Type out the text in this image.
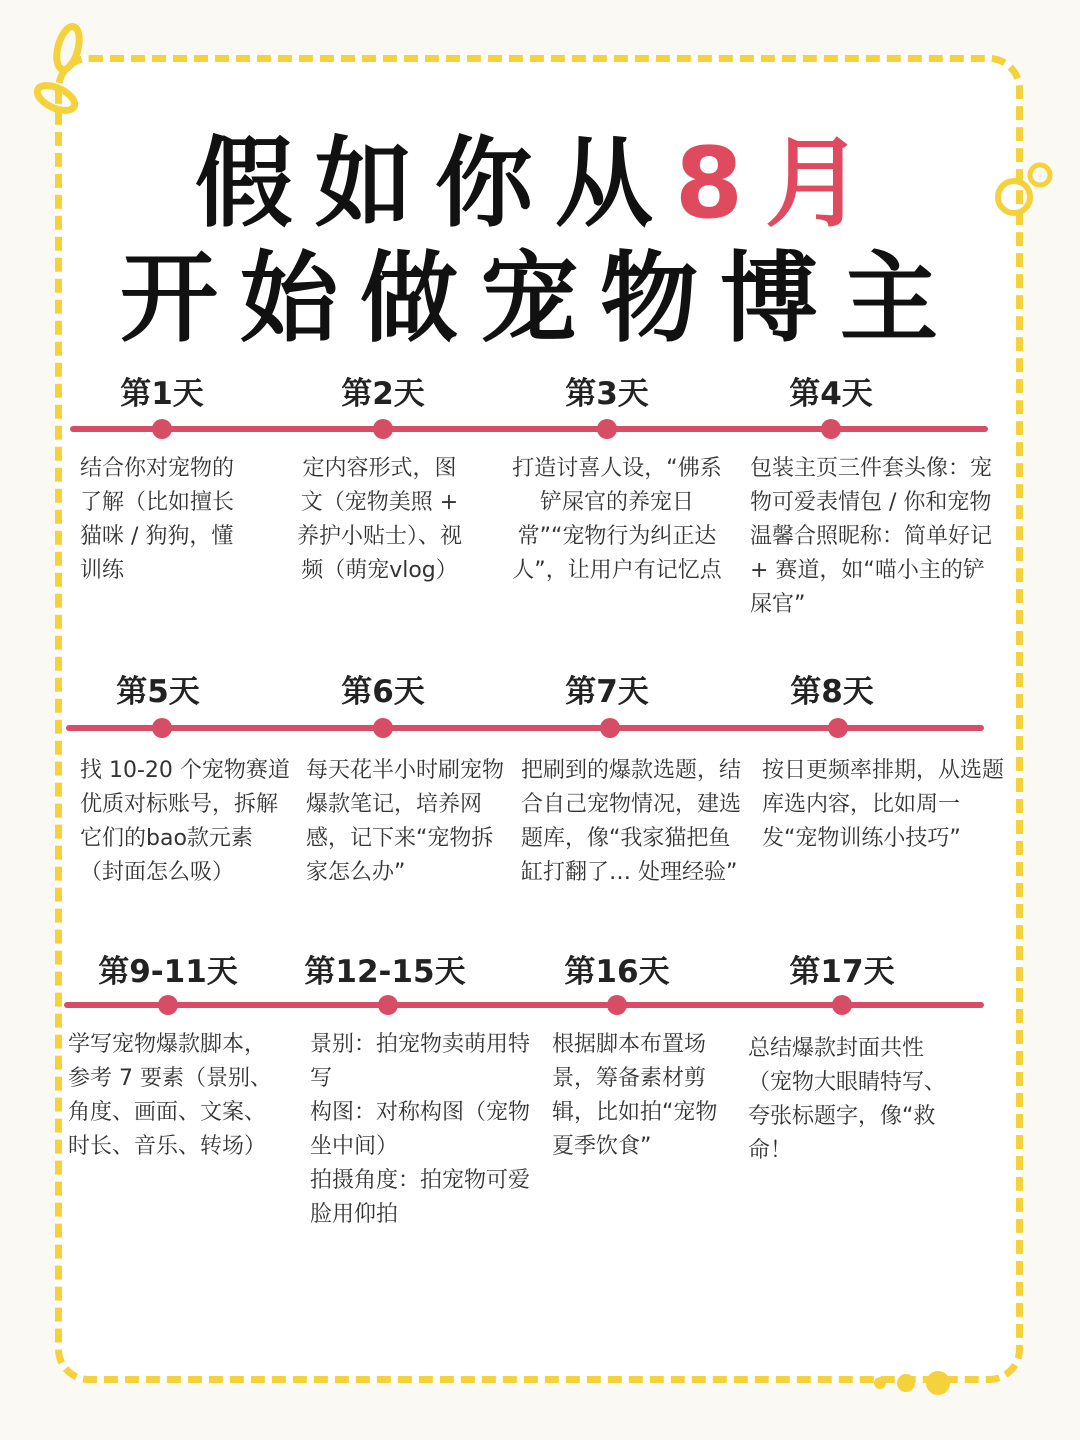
假如你从8月
开始做宠物博主
第1天
结合你对宠物的了解（比如擅长猫咪 / 狗狗，懂训练
第2天
定内容形式，图文（宠物美照 + 养护小贴士）、视频（萌宠vlog）
第3天
打造讨喜人设，“佛系铲屎官的养宠日常”“宠物行为纠正达人”，让用户有记忆点
第4天
包装主页三件套头像：宠物可爱表情包 / 你和宠物温馨合照昵称：简单好记 + 赛道，如“喵小主的铲屎官”
第5天
找 10-20 个宠物赛道优质对标账号，拆解它们的bao款元素（封面怎么吸）
第6天
每天花半小时刷宠物爆款笔记，培养网感，记下来“宠物拆家怎么办”
第7天
把刷到的爆款选题，结合自己宠物情况，建选题库，像“我家猫把鱼缸打翻了… 处理经验”
第8天
按日更频率排期，从选题库选内容，比如周一发“宠物训练小技巧”
第9-11天
学写宠物爆款脚本，参考 7 要素（景别、角度、画面、文案、时长、音乐、转场）
第12-15天
景别：拍宠物卖萌用特写
构图：对称构图（宠物坐中间）
拍摄角度：拍宠物可爱脸用仰拍
第16天
根据脚本布置场景，筹备素材剪辑，比如拍“宠物夏季饮食”
第17天
总结爆款封面共性（宠物大眼睛特写、夸张标题字，像“救命！
